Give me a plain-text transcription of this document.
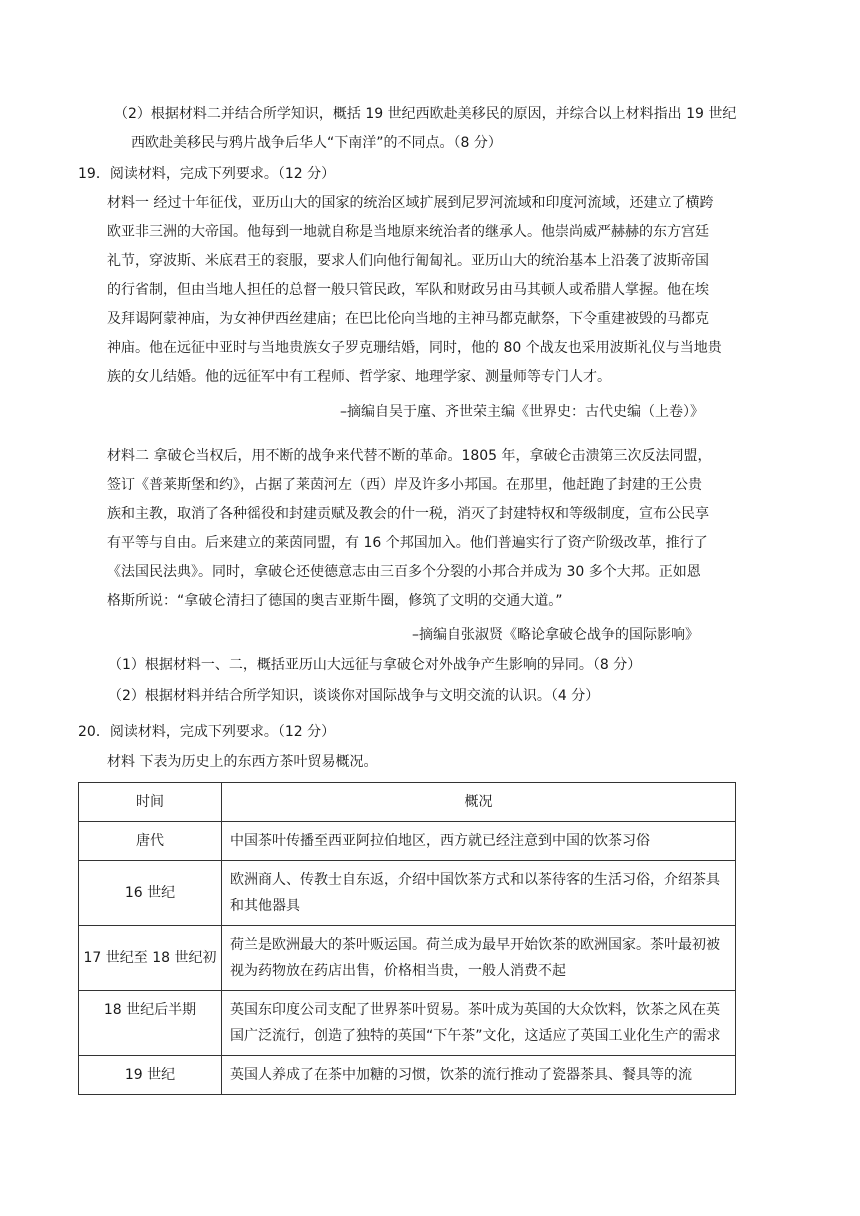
（2）根据材料二并结合所学知识，概括 19 世纪西欧赴美移民的原因，并综合以上材料指出 19 世纪
西欧赴美移民与鸦片战争后华人“下南洋”的不同点。（8 分）
19．阅读材料，完成下列要求。（12 分）
材料一 经过十年征伐，亚历山大的国家的统治区域扩展到尼罗河流域和印度河流域，还建立了横跨
欧亚非三洲的大帝国。他每到一地就自称是当地原来统治者的继承人。他崇尚威严赫赫的东方宫廷
礼节，穿波斯、米底君王的衮服，要求人们向他行匍匐礼。亚历山大的统治基本上沿袭了波斯帝国
的行省制，但由当地人担任的总督一般只管民政，军队和财政另由马其顿人或希腊人掌握。他在埃
及拜谒阿蒙神庙，为女神伊西丝建庙；在巴比伦向当地的主神马都克献祭，下令重建被毁的马都克
神庙。他在远征中亚时与当地贵族女子罗克珊结婚，同时，他的 80 个战友也采用波斯礼仪与当地贵
族的女儿结婚。他的远征军中有工程师、哲学家、地理学家、测量师等专门人才。
–摘编自吴于廑、齐世荣主编《世界史：古代史编（上卷）》
材料二 拿破仑当权后，用不断的战争来代替不断的革命。1805 年，拿破仑击溃第三次反法同盟，
签订《普莱斯堡和约》，占据了莱茵河左（西）岸及许多小邦国。在那里，他赶跑了封建的王公贵
族和主教，取消了各种徭役和封建贡赋及教会的什一税，消灭了封建特权和等级制度，宣布公民享
有平等与自由。后来建立的莱茵同盟，有 16 个邦国加入。他们普遍实行了资产阶级改革，推行了
《法国民法典》。同时，拿破仑还使德意志由三百多个分裂的小邦合并成为 30 多个大邦。正如恩
格斯所说：“拿破仑清扫了德国的奥吉亚斯牛圈，修筑了文明的交通大道。”
–摘编自张淑贤《略论拿破仑战争的国际影响》
（1）根据材料一、二，概括亚历山大远征与拿破仑对外战争产生影响的异同。（8 分）
（2）根据材料并结合所学知识，谈谈你对国际战争与文明交流的认识。（4 分）
20．阅读材料，完成下列要求。（12 分）
材料 下表为历史上的东西方茶叶贸易概况。
时间	概况
唐代	中国茶叶传播至西亚阿拉伯地区，西方就已经注意到中国的饮茶习俗
16 世纪	欧洲商人、传教士自东返，介绍中国饮茶方式和以茶待客的生活习俗，介绍茶具和其他器具
17 世纪至 18 世纪初	荷兰是欧洲最大的茶叶贩运国。荷兰成为最早开始饮茶的欧洲国家。茶叶最初被视为药物放在药店出售，价格相当贵，一般人消费不起
18 世纪后半期	英国东印度公司支配了世界茶叶贸易。茶叶成为英国的大众饮料，饮茶之风在英国广泛流行，创造了独特的英国“下午茶”文化，这适应了英国工业化生产的需求
19 世纪	英国人养成了在茶中加糖的习惯，饮茶的流行推动了瓷器茶具、餐具等的流
